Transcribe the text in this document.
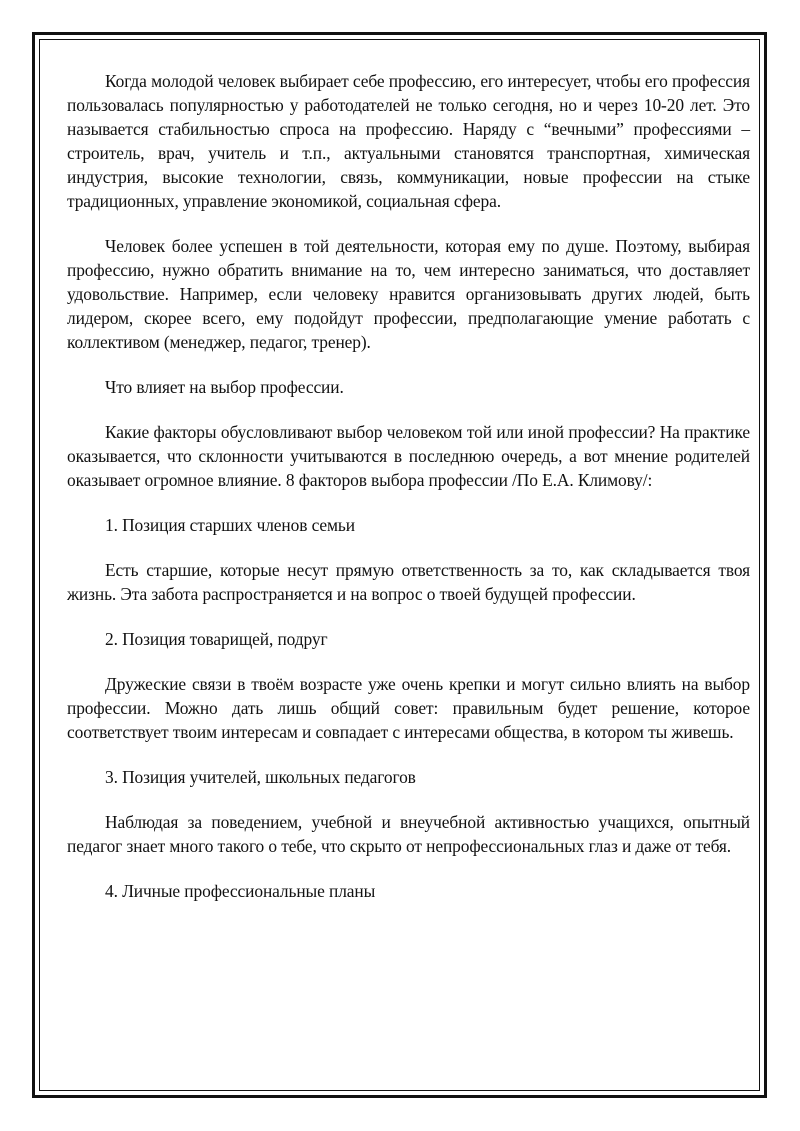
Когда молодой человек выбирает себе профессию, его интересует, чтобы его профессия пользовалась популярностью у работодателей не только сегодня, но и через 10-20 лет. Это называется стабильностью спроса на профессию. Наряду с “вечными” профессиями – строитель, врач, учитель и т.п., актуальными становятся транспортная, химическая индустрия, высокие технологии, связь, коммуникации, новые профессии на стыке традиционных, управление экономикой, социальная сфера.

Человек более успешен в той деятельности, которая ему по душе. Поэтому, выбирая профессию, нужно обратить внимание на то, чем интересно заниматься, что доставляет удовольствие. Например, если человеку нравится организовывать других людей, быть лидером, скорее всего, ему подойдут профессии, предполагающие умение работать с коллективом (менеджер, педагог, тренер).

Что влияет на выбор профессии.

Какие факторы обусловливают выбор человеком той или иной профессии? На практике оказывается, что склонности учитываются в последнюю очередь, а вот мнение родителей оказывает огромное влияние. 8 факторов выбора профессии /По Е.А. Климову/:

1. Позиция старших членов семьи

Есть старшие, которые несут прямую ответственность за то, как складывается твоя жизнь. Эта забота распространяется и на вопрос о твоей будущей профессии.

2. Позиция товарищей, подруг

Дружеские связи в твоём возрасте уже очень крепки и могут сильно влиять на выбор профессии. Можно дать лишь общий совет: правильным будет решение, которое соответствует твоим интересам и совпадает с интересами общества, в котором ты живешь.

3. Позиция учителей, школьных педагогов

Наблюдая за поведением, учебной и внеучебной активностью учащихся, опытный педагог знает много такого о тебе, что скрыто от непрофессиональных глаз и даже от тебя.

4. Личные профессиональные планы
